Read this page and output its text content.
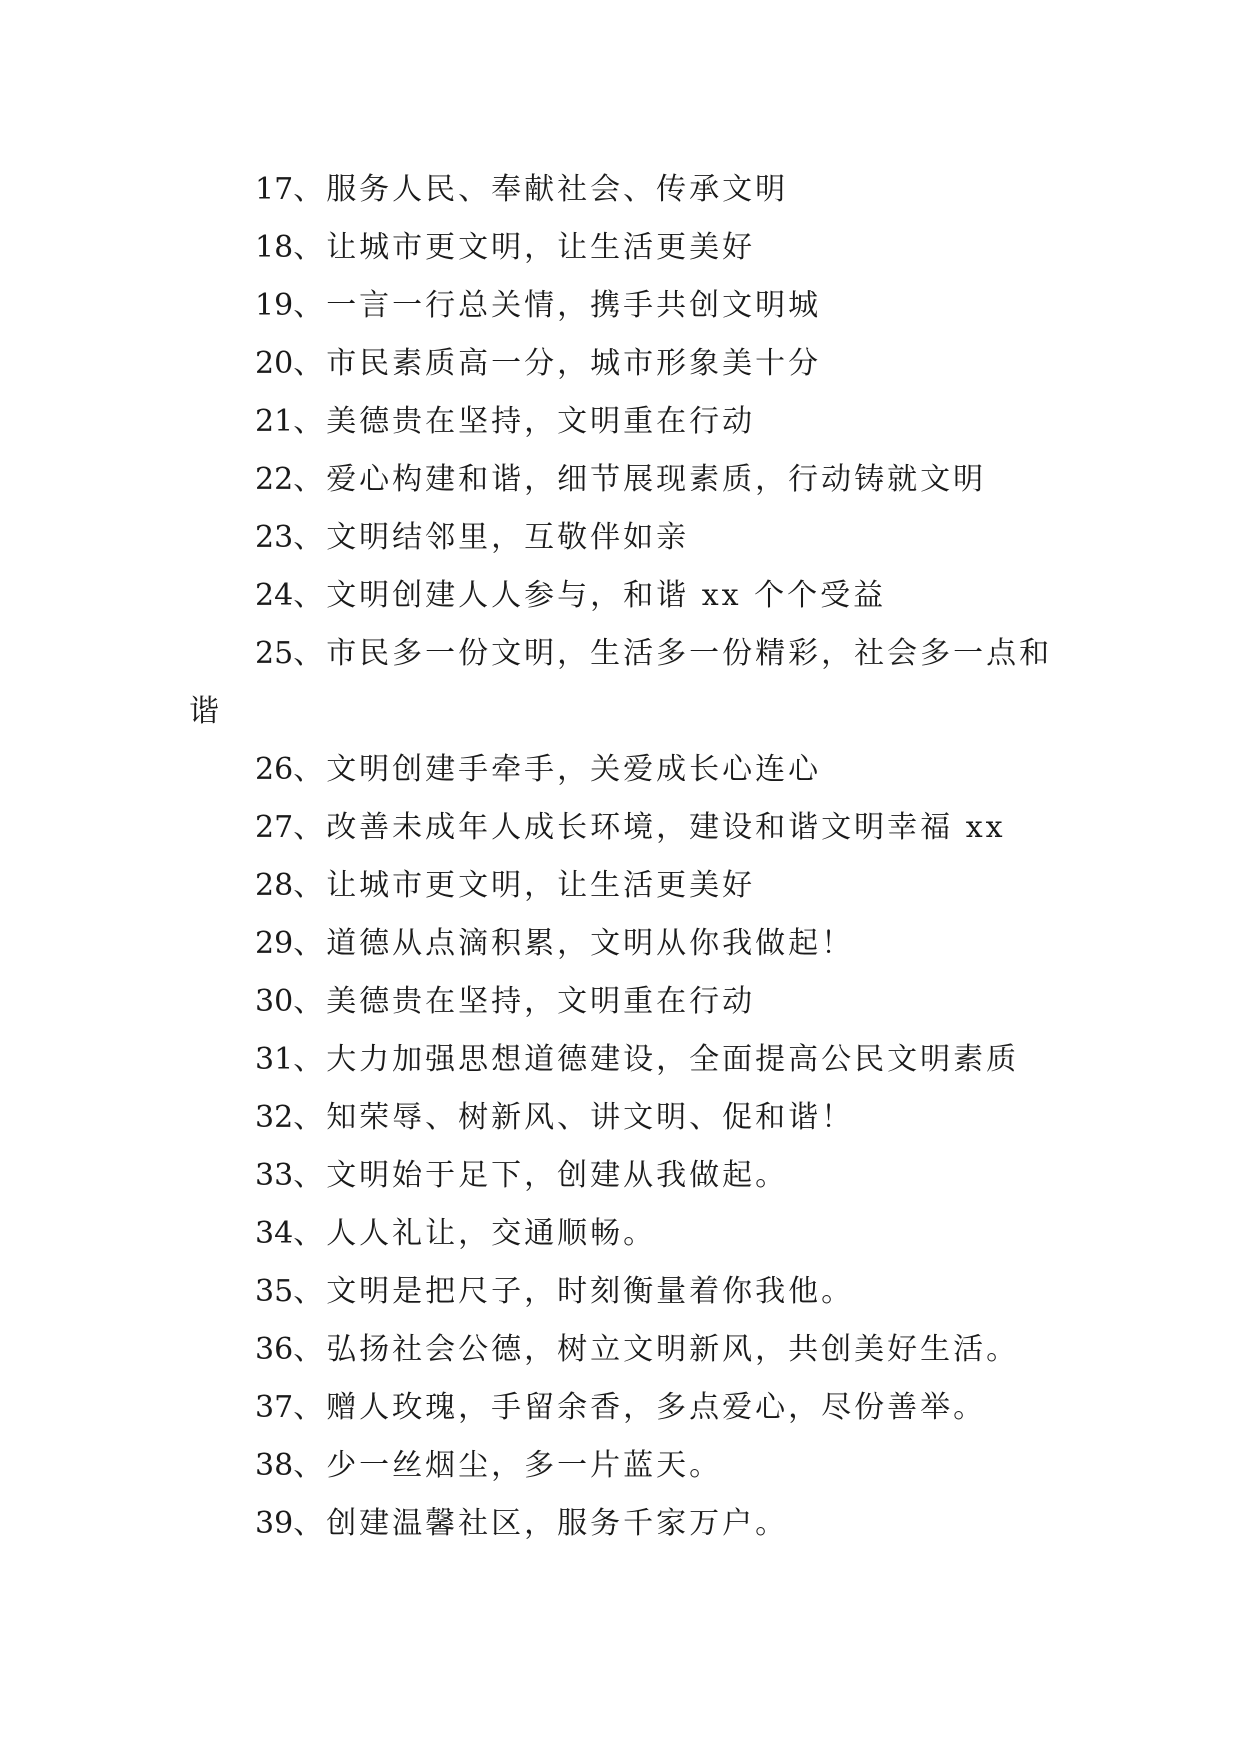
17、服务人民、奉献社会、传承文明
18、让城市更文明，让生活更美好
19、一言一行总关情，携手共创文明城
20、市民素质高一分，城市形象美十分
21、美德贵在坚持，文明重在行动
22、爱心构建和谐，细节展现素质，行动铸就文明
23、文明结邻里，互敬伴如亲
24、文明创建人人参与，和谐 xx 个个受益
25、市民多一份文明，生活多一份精彩，社会多一点和谐
26、文明创建手牵手，关爱成长心连心
27、改善未成年人成长环境，建设和谐文明幸福 xx
28、让城市更文明，让生活更美好
29、道德从点滴积累，文明从你我做起！
30、美德贵在坚持，文明重在行动
31、大力加强思想道德建设，全面提高公民文明素质
32、知荣辱、树新风、讲文明、促和谐！
33、文明始于足下，创建从我做起。
34、人人礼让，交通顺畅。
35、文明是把尺子，时刻衡量着你我他。
36、弘扬社会公德，树立文明新风，共创美好生活。
37、赠人玫瑰，手留余香，多点爱心，尽份善举。
38、少一丝烟尘，多一片蓝天。
39、创建温馨社区，服务千家万户。
